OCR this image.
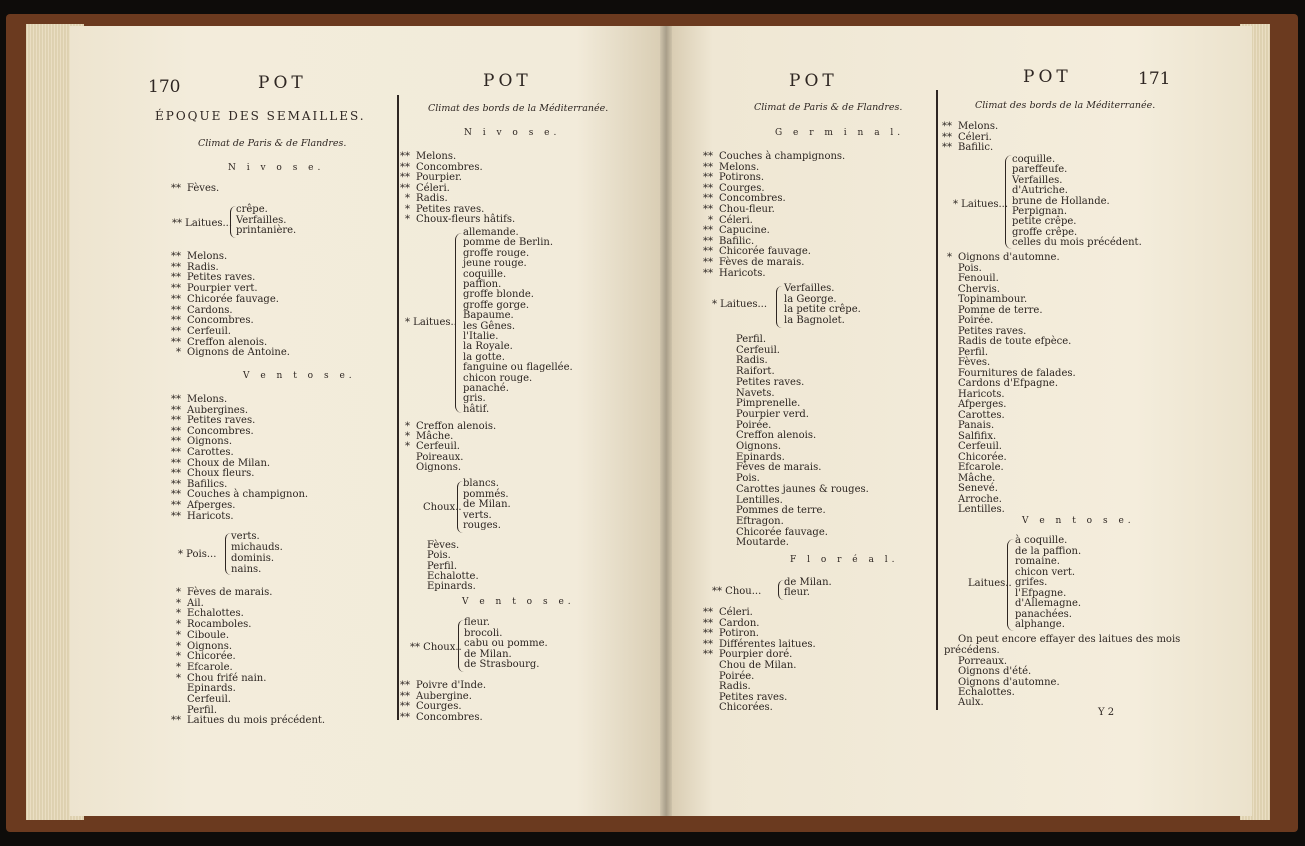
170	POT	POT
ÉPOQUE DES SEMAILLES.
Climat de Paris & de Flandres.
N i v o s e.
** Fèves.
** Laitues...
crêpe.
Verfailles.
printanière.
** Melons.
** Radis.
** Petites raves.
** Pourpier vert.
** Chicorée fauvage.
** Cardons.
** Concombres.
** Cerfeuil.
** Creffon alenois.
* Oignons de Antoine.
V e n t o s e.
** Melons.
** Aubergines.
** Petites raves.
** Concombres.
** Oignons.
** Carottes.
** Choux de Milan.
** Choux fleurs.
** Bafilics.
** Couches à champignon.
** Afperges.
** Haricots.
* Pois...
verts.
michauds.
dominis.
nains.
* Fèves de marais.
* Ail.
* Echalottes.
* Rocamboles.
* Ciboule.
* Oignons.
* Chicorée.
* Efcarole.
* Chou frifé nain.
Epinards.
Cerfeuil.
Perfil.
** Laitues du mois précédent.
Climat des bords de la Méditerranée.
N i v o s e.
** Melons.
** Concombres.
** Pourpier.
** Céleri.
* Radis.
* Petites raves.
* Choux-fleurs hâtifs.
* Laitues..
allemande.
pomme de Berlin.
groffe rouge.
jeune rouge.
coquille.
paffion.
groffe blonde.
groffe gorge.
Bapaume.
les Gênes.
l'Italie.
la Royale.
la gotte.
fanguine ou flagellée.
chicon rouge.
panaché.
gris.
hâtif.
* Creffon alenois.
* Mâche.
* Cerfeuil.
Poireaux.
Oignons.
Choux..
blancs.
pommés.
de Milan.
verts.
rouges.
Fèves.
Pois.
Perfil.
Echalotte.
Epinards.
V e n t o s e.
** Choux..
fleur.
brocoli.
cabu ou pomme.
de Milan.
de Strasbourg.
** Poivre d'Inde.
** Aubergine.
** Courges.
** Concombres.
POT	POT	171
Climat de Paris & de Flandres.
G e r m i n a l.
** Couches à champignons.
** Melons.
** Potirons.
** Courges.
** Concombres.
** Chou-fleur.
* Céleri.
** Capucine.
** Bafilic.
** Chicorée fauvage.
** Fèves de marais.
** Haricots.
* Laitues...
Verfailles.
la George.
la petite crêpe.
la Bagnolet.
Perfil.
Cerfeuil.
Radis.
Raifort.
Petites raves.
Navets.
Pimprenelle.
Pourpier verd.
Poirée.
Creffon alenois.
Oignons.
Epinards.
Fèves de marais.
Pois.
Carottes jaunes & rouges.
Lentilles.
Pommes de terre.
Eftragon.
Chicorée fauvage.
Moutarde.
F l o r é a l.
** Chou...
de Milan.
fleur.
** Céleri.
** Cardon.
** Potiron.
** Différentes laitues.
** Pourpier doré.
Chou de Milan.
Poirée.
Radis.
Petites raves.
Chicorées.
Climat des bords de la Méditerranée.
** Melons.
** Céleri.
** Bafilic.
* Laitues...
coquille.
pareffeufe.
Verfailles.
d'Autriche.
brune de Hollande.
Perpignan.
petite crêpe.
groffe crêpe.
celles du mois précédent.
* Oignons d'automne.
Pois.
Fenouil.
Chervis.
Topinambour.
Pomme de terre.
Poirée.
Petites raves.
Radis de toute efpèce.
Perfil.
Fèves.
Fournitures de falades.
Cardons d'Efpagne.
Haricots.
Afperges.
Carottes.
Panais.
Salfifix.
Cerfeuil.
Chicorée.
Efcarole.
Mâche.
Senevé.
Arroche.
Lentilles.
V e n t o s e.
Laitues..
à coquille.
de la paffion.
romaine.
chicon vert.
grifes.
l'Efpagne.
d'Allemagne.
panachées.
alphange.
On peut encore effayer des laitues des mois
précédens.
Porreaux.
Oignons d'été.
Oignons d'automne.
Echalottes.
Aulx.
Y 2
